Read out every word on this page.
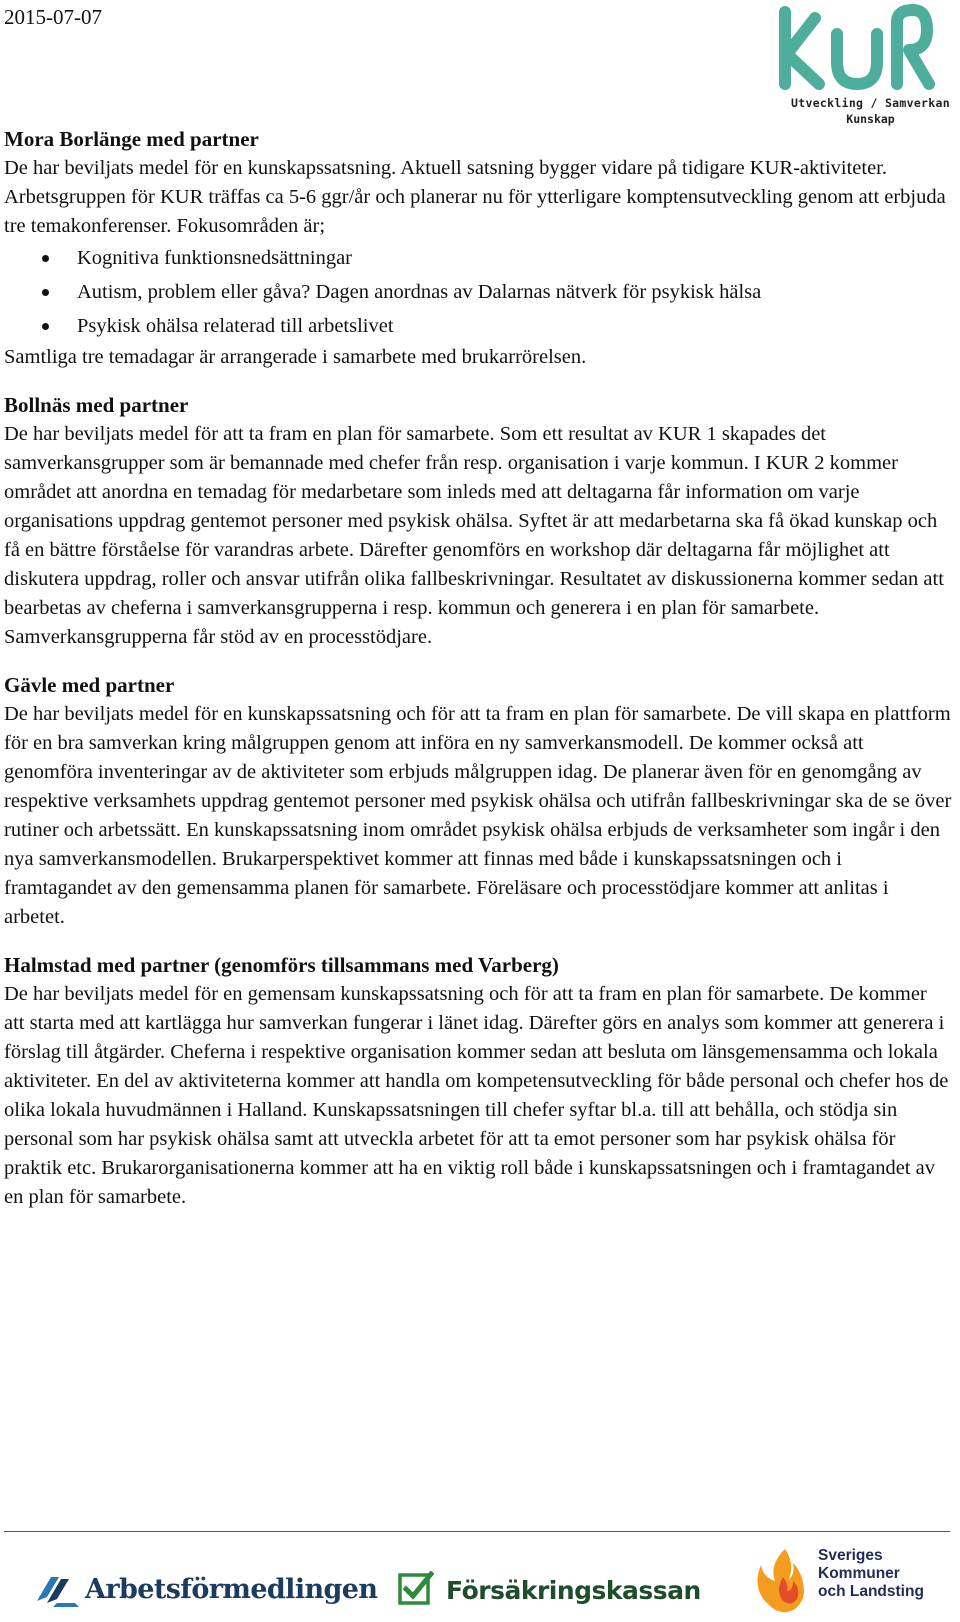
2015-07-07
Utveckling / Samverkan
Kunskap
Mora Borlänge med partner

De har beviljats medel för en kunskapssatsning. Aktuell satsning bygger vidare på tidigare KUR-aktiviteter. Arbetsgruppen för KUR träffas ca 5-6 ggr/år och planerar nu för ytterligare komptensutveckling genom att erbjuda tre temakonferenser. Fokusområden är;

Kognitiva funktionsnedsättningar
Autism, problem eller gåva? Dagen anordnas av Dalarnas nätverk för psykisk hälsa
Psykisk ohälsa relaterad till arbetslivet

Samtliga tre temadagar är arrangerade i samarbete med brukarrörelsen.

Bollnäs med partner

De har beviljats medel för att ta fram en plan för samarbete. Som ett resultat av KUR 1 skapades det samverkansgrupper som är bemannade med chefer från resp. organisation i varje kommun. I KUR 2 kommer området att anordna en temadag för medarbetare som inleds med att deltagarna får information om varje organisations uppdrag gentemot personer med psykisk ohälsa. Syftet är att medarbetarna ska få ökad kunskap och få en bättre förståelse för varandras arbete. Därefter genomförs en workshop där deltagarna får möjlighet att diskutera uppdrag, roller och ansvar utifrån olika fallbeskrivningar. Resultatet av diskussionerna kommer sedan att bearbetas av cheferna i samverkansgrupperna i resp. kommun och generera i en plan för samarbete. Samverkansgrupperna får stöd av en processtödjare.

Gävle med partner

De har beviljats medel för en kunskapssatsning och för att ta fram en plan för samarbete. De vill skapa en plattform för en bra samverkan kring målgruppen genom att införa en ny samverkansmodell. De kommer också att genomföra inventeringar av de aktiviteter som erbjuds målgruppen idag. De planerar även för en genomgång av respektive verksamhets uppdrag gentemot personer med psykisk ohälsa och utifrån fallbeskrivningar ska de se över rutiner och arbetssätt. En kunskapssatsning inom området psykisk ohälsa erbjuds de verksamheter som ingår i den nya samverkansmodellen. Brukarperspektivet kommer att finnas med både i kunskapssatsningen och i framtagandet av den gemensamma planen för samarbete. Föreläsare och processtödjare kommer att anlitas i arbetet.

Halmstad med partner (genomförs tillsammans med Varberg)

De har beviljats medel för en gemensam kunskapssatsning och för att ta fram en plan för samarbete. De kommer att starta med att kartlägga hur samverkan fungerar i länet idag. Därefter görs en analys som kommer att generera i förslag till åtgärder. Cheferna i respektive organisation kommer sedan att besluta om länsgemensamma och lokala aktiviteter. En del av aktiviteterna kommer att handla om kompetensutveckling för både personal och chefer hos de olika lokala huvudmännen i Halland. Kunskapssatsningen till chefer syftar bl.a. till att behålla, och stödja sin personal som har psykisk ohälsa samt att utveckla arbetet för att ta emot personer som har psykisk ohälsa för praktik etc. Brukarorganisationerna kommer att ha en viktig roll både i kunskapssatsningen och i framtagandet av en plan för samarbete.

Arbetsförmedlingen	Försäkringskassan
Sveriges
Kommuner
och Landsting
